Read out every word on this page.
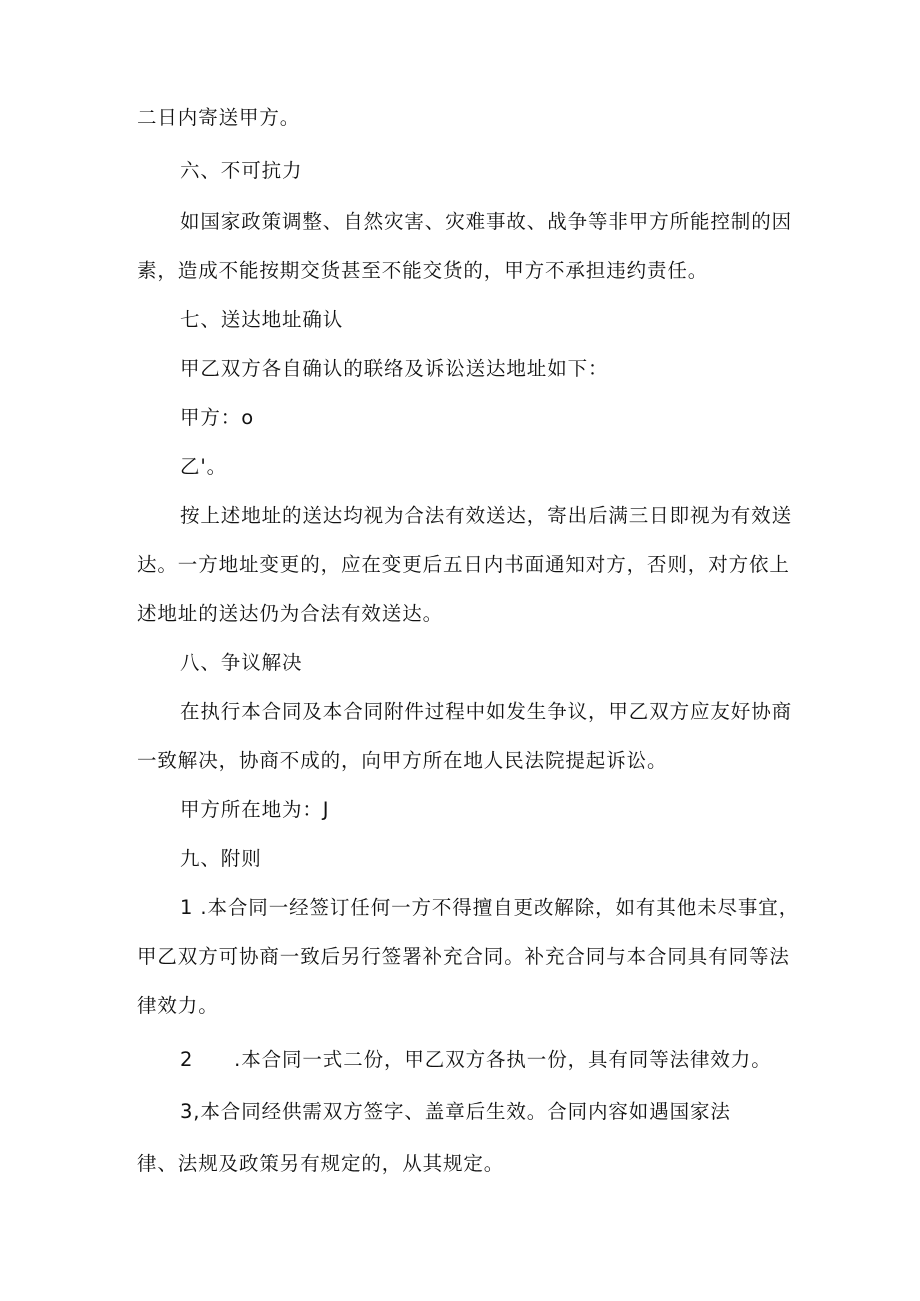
二日内寄送甲方。
六、不可抗力
如国家政策调整、自然灾害、灾难事故、战争等非甲方所能控制的因
素，造成不能按期交货甚至不能交货的，甲方不承担违约责任。
七、送达地址确认
甲乙双方各自确认的联络及诉讼送达地址如下：
甲方：o
乙'。
按上述地址的送达均视为合法有效送达，寄出后满三日即视为有效送
达。一方地址变更的，应在变更后五日内书面通知对方，否则，对方依上
述地址的送达仍为合法有效送达。
八、争议解决
在执行本合同及本合同附件过程中如发生争议，甲乙双方应友好协商
一致解决，协商不成的，向甲方所在地人民法院提起诉讼。
甲方所在地为：J
九、附则
1 .本合同一经签订任何一方不得擅自更改解除，如有其他未尽事宜，
甲乙双方可协商一致后另行签署补充合同。补充合同与本合同具有同等法
律效力。
2　　.本合同一式二份，甲乙双方各执一份，具有同等法律效力。
3,本合同经供需双方签字、盖章后生效。合同内容如遇国家法
律、法规及政策另有规定的，从其规定。
